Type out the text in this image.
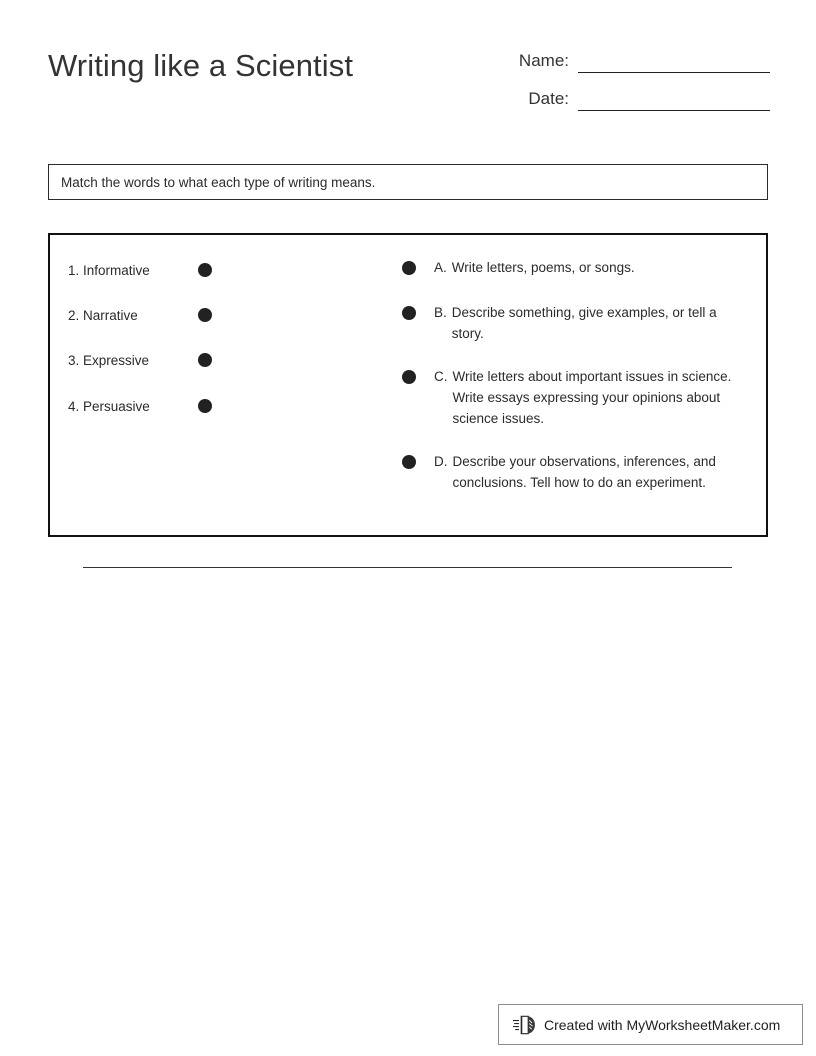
Writing like a Scientist	Name:
Date:
Match the words to what each type of writing means.
1. Informative
2. Narrative
3. Expressive
4. Persuasive
A. Write letters, poems, or songs.
B. Describe something, give examples, or tell a story.
C. Write letters about important issues in science. Write essays expressing your opinions about science issues.
D. Describe your observations, inferences, and conclusions. Tell how to do an experiment.
Created with MyWorksheetMaker.com
